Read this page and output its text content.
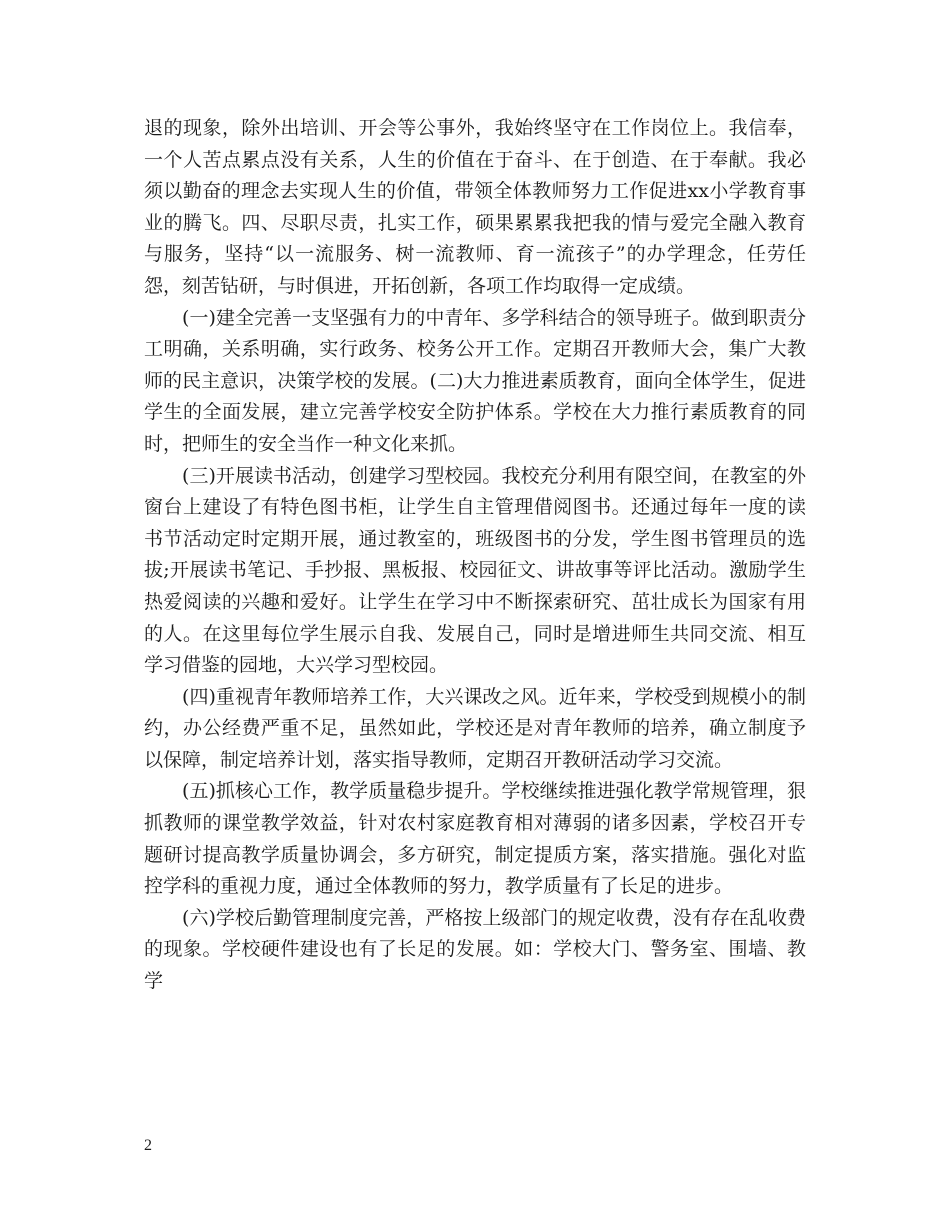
退的现象，除外出培训、开会等公事外，我始终坚守在工作岗位上。我信奉，一个人苦点累点没有关系，人生的价值在于奋斗、在于创造、在于奉献。我必须以勤奋的理念去实现人生的价值，带领全体教师努力工作促进xx小学教育事业的腾飞。四、尽职尽责，扎实工作，硕果累累我把我的情与爱完全融入教育与服务，坚持“以一流服务、树一流教师、育一流孩子”的办学理念，任劳任怨，刻苦钻研，与时俱进，开拓创新，各项工作均取得一定成绩。

(一)建全完善一支坚强有力的中青年、多学科结合的领导班子。做到职责分工明确，关系明确，实行政务、校务公开工作。定期召开教师大会，集广大教师的民主意识，决策学校的发展。(二)大力推进素质教育，面向全体学生，促进学生的全面发展，建立完善学校安全防护体系。学校在大力推行素质教育的同时，把师生的安全当作一种文化来抓。

(三)开展读书活动，创建学习型校园。我校充分利用有限空间，在教室的外窗台上建设了有特色图书柜，让学生自主管理借阅图书。还通过每年一度的读书节活动定时定期开展，通过教室的，班级图书的分发，学生图书管理员的选拔;开展读书笔记、手抄报、黑板报、校园征文、讲故事等评比活动。激励学生热爱阅读的兴趣和爱好。让学生在学习中不断探索研究、茁壮成长为国家有用的人。在这里每位学生展示自我、发展自己，同时是增进师生共同交流、相互学习借鉴的园地，大兴学习型校园。

(四)重视青年教师培养工作，大兴课改之风。近年来，学校受到规模小的制约，办公经费严重不足，虽然如此，学校还是对青年教师的培养，确立制度予以保障，制定培养计划，落实指导教师，定期召开教研活动学习交流。

(五)抓核心工作，教学质量稳步提升。学校继续推进强化教学常规管理，狠抓教师的课堂教学效益，针对农村家庭教育相对薄弱的诸多因素，学校召开专题研讨提高教学质量协调会，多方研究，制定提质方案，落实措施。强化对监控学科的重视力度，通过全体教师的努力，教学质量有了长足的进步。

(六)学校后勤管理制度完善，严格按上级部门的规定收费，没有存在乱收费的现象。学校硬件建设也有了长足的发展。如：学校大门、警务室、围墙、教学

2
